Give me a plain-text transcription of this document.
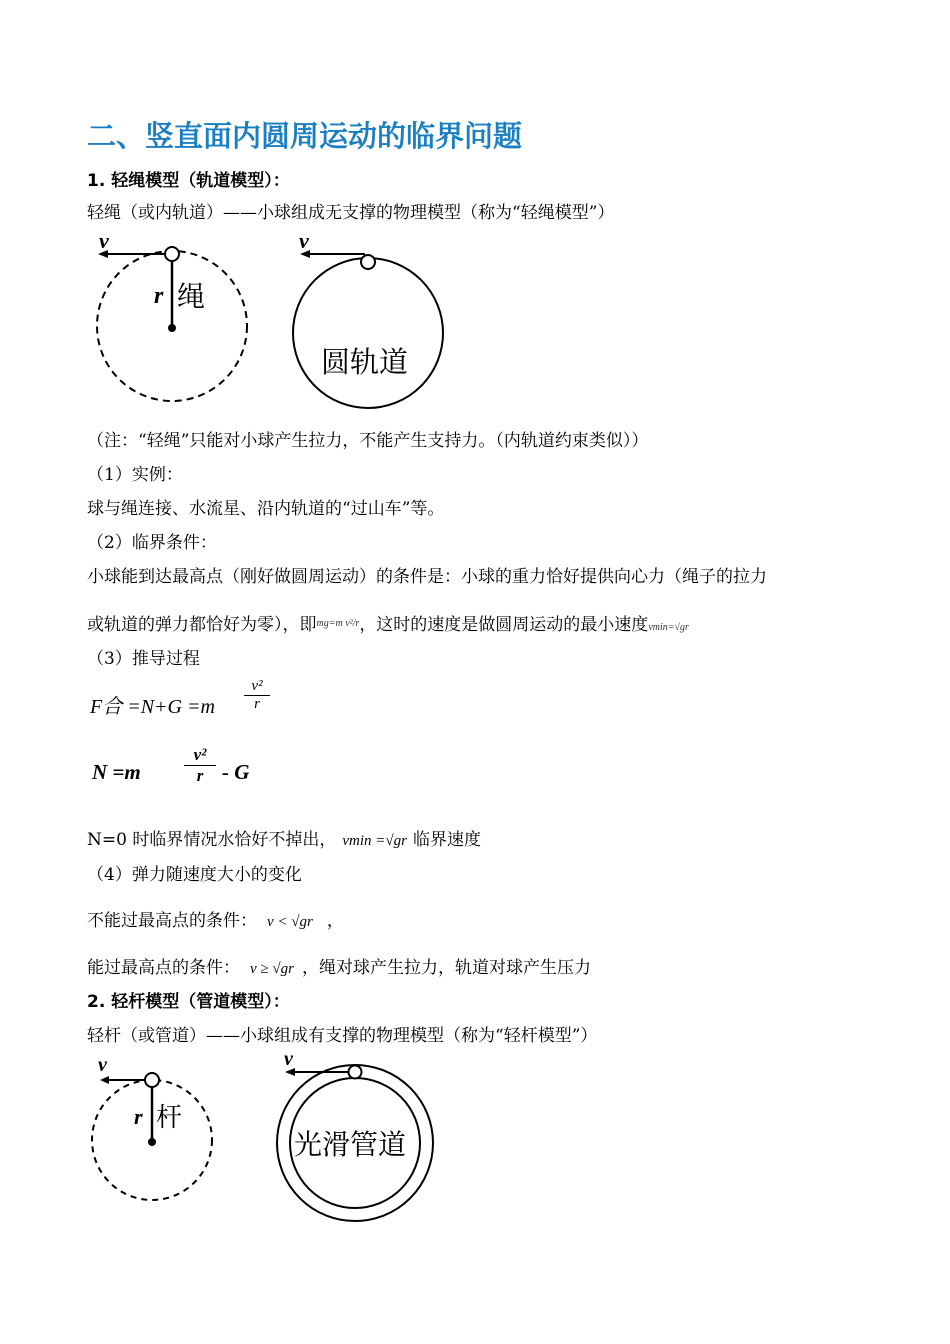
二、竖直面内圆周运动的临界问题
1. 轻绳模型（轨道模型）：
轻绳（或内轨道）——小球组成无支撑的物理模型（称为“轻绳模型”）
v
r 绳
v
圆轨道
（注：“轻绳”只能对小球产生拉力，不能产生支持力。（内轨道约束类似））
（1）实例：
球与绳连接、水流星、沿内轨道的“过山车”等。
（2）临界条件：
小球能到达最高点（刚好做圆周运动）的条件是：小球的重力恰好提供向心力（绳子的拉力
或轨道的弹力都恰好为零），即$^{mg=m v^2/r}$，这时的速度是做圆周运动的最小速度vmin=√gr
（3）推导过程
F合 $=N+G =m \frac{\text{v²}}{r}$
N =m	$\frac{\text{v²}}{r}$ - G
N=0 时临界情况水恰好不掉出， vmin =√gr 临界速度
（4）弹力随速度大小的变化
不能过最高点的条件： v < √gr ，
能过最高点的条件： v ≥ √gr ，绳对球产生拉力，轨道对球产生压力
2. 轻杆模型（管道模型）：
轻杆（或管道）——小球组成有支撑的物理模型（称为“轻杆模型”）
v
r 杆
v
光滑管道
